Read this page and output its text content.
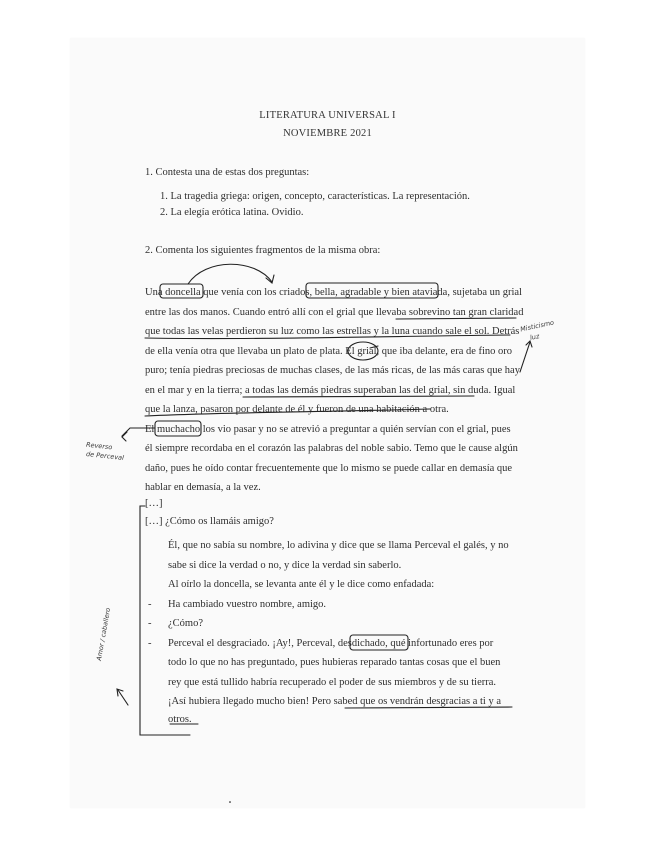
LITERATURA UNIVERSAL I
NOVIEMBRE 2021
1. Contesta una de estas dos preguntas:
1. La tragedia griega: origen, concepto, características. La representación.
2. La elegía erótica latina. Ovidio.
2. Comenta los siguientes fragmentos de la misma obra:
Una doncella que venía con los criados, bella, agradable y bien ataviada, sujetaba un grial
entre las dos manos. Cuando entró allí con el grial que llevaba sobrevino tan gran claridad
que todas las velas perdieron su luz como las estrellas y la luna cuando sale el sol. Detrás
de ella venía otra que llevaba un plato de plata. El grial, que iba delante, era de fino oro
puro; tenía piedras preciosas de muchas clases, de las más ricas, de las más caras que hay
en el mar y en la tierra; a todas las demás piedras superaban las del grial, sin duda. Igual
que la lanza, pasaron por delante de él y fueron de una habitación a otra.
El muchacho los vio pasar y no se atrevió a preguntar a quién servían con el grial, pues
él siempre recordaba en el corazón las palabras del noble sabio. Temo que le cause algún
daño, pues he oído contar frecuentemente que lo mismo se puede callar en demasía que
hablar en demasía, a la vez.
[…]
[…] ¿Cómo os llamáis amigo?
Él, que no sabía su nombre, lo adivina y dice que se llama Perceval el galés, y no
sabe si dice la verdad o no, y dice la verdad sin saberlo.
Al oírlo la doncella, se levanta ante él y le dice como enfadada:
- Ha cambiado vuestro nombre, amigo.
- ¿Cómo?
- Perceval el desgraciado. ¡Ay!, Perceval, desdichado, qué infortunado eres por
todo lo que no has preguntado, pues hubieras reparado tantas cosas que el buen
rey que está tullido habría recuperado el poder de sus miembros y de su tierra.
¡Así hubiera llegado mucho bien! Pero sabed que os vendrán desgracias a ti y a
otros.
Misticismo
luz
Reverso
de Perceval
Amor / caballero
